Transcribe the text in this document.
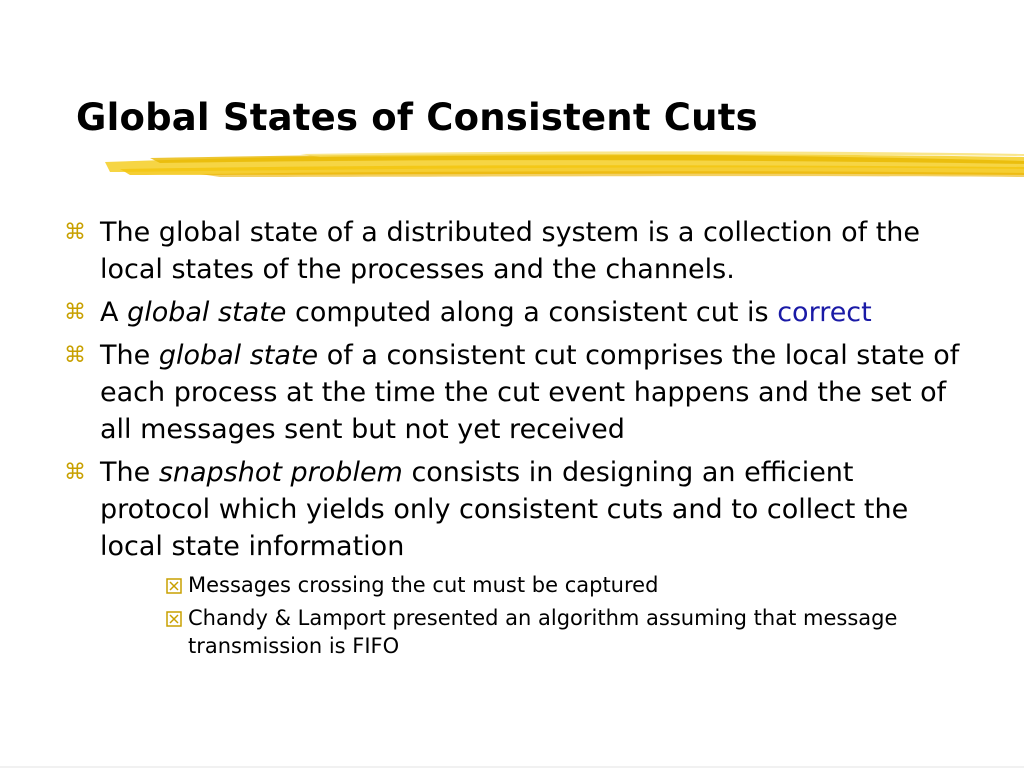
Global States of Consistent Cuts
⌘ The global state of a distributed system is a collection of the local states of the processes and the channels.
⌘ A global state computed along a consistent cut is correct
⌘ The global state of a consistent cut comprises the local state of each process at the time the cut event happens and the set of all messages sent but not yet received
⌘ The snapshot problem consists in designing an efficient protocol which yields only consistent cuts and to collect the local state information
Messages crossing the cut must be captured
Chandy & Lamport presented an algorithm assuming that message transmission is FIFO
